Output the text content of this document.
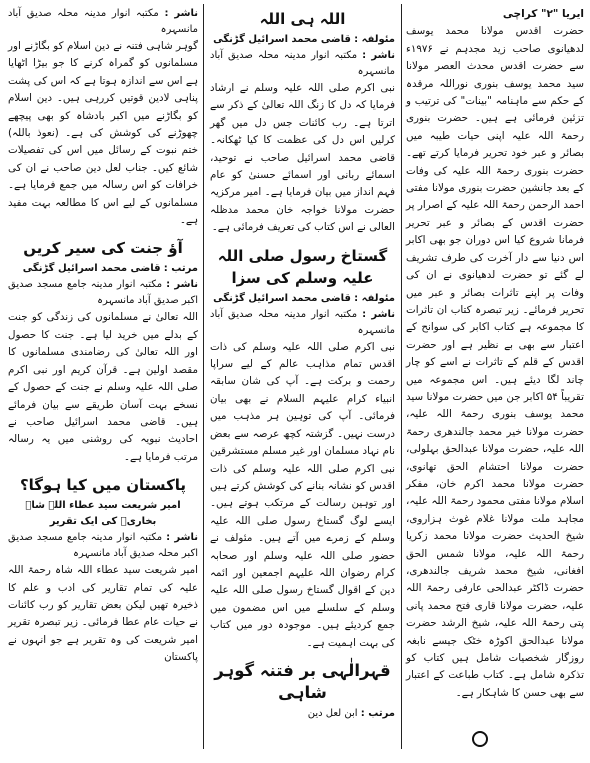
ایریا "۲" کراچی

حضرت اقدس مولانا محمد یوسف لدھیانوی صاحب زید مجدہم نے ۱۹۷۶ء سے حضرت اقدس محدث العصر مولانا سید محمد یوسف بنوری نوراللہ مرقدہ کے حکم سے ماہنامہ "بینات" کی ترتیب و تزئین فرمائی ہے ہیں۔ حضرت بنوری رحمۃ اللہ علیہ اپنی حیات طیبہ میں بصائر و عبر خود تحریر فرمایا کرتے تھے۔ حضرت بنوری رحمۃ اللہ علیہ کی وفات کے بعد جانشین حضرت بنوری مولانا مفتی احمد الرحمن رحمۃ اللہ علیہ کے اصرار پر حضرت اقدس کے بصائر و عبر تحریر فرمانا شروع کیا اس دوران جو بھی اکابر اس دنیا سے دار آخرت کی طرف تشریف لے گئے تو حضرت لدھیانوی نے ان کی وفات پر اپنے تاثرات بصائر و عبر میں تحریر فرمائے۔ زیر تبصرہ کتاب ان تاثرات کا مجموعہ ہے کتاب اکابر کی سوانح کے اعتبار سے بھی بے نظیر ہے اور حضرت اقدس کے قلم کے تاثرات نے اسے کو چار چاند لگا دیئے ہیں۔ اس مجموعہ میں تقریباً ۵۴ اکابر جن میں حضرت مولانا سید محمد یوسف بنوری رحمۃ اللہ علیہ، حضرت مولانا خیر محمد جالندھری رحمۃ اللہ علیہ، حضرت مولانا عبدالحق بہلولی، حضرت مولانا احتشام الحق تھانوی، حضرت مولانا محمد اکرم خان، مفکر اسلام مولانا مفتی محمود رحمۃ اللہ علیہ، مجاہد ملت مولانا غلام غوث ہزاروی، شیخ الحدیث حضرت مولانا محمد زکریا رحمۃ اللہ علیہ، مولانا شمس الحق افغانی، شیخ محمد شریف جالندھری، حضرت ڈاکٹر عبدالحی عارفی رحمۃ اللہ علیہ، حضرت مولانا قاری فتح محمد پانی پتی رحمۃ اللہ علیہ، شیخ الرشد حضرت مولانا عبدالحق اکوڑہ خٹک جیسے نابغہ روزگار شخصیات شامل ہیں کتاب کو تذکرہ شامل ہے۔ کتاب طباعت کے اعتبار سے بھی حسن کا شاہکار ہے۔

اللہ ہی اللہ

مئولفہ : قاضی محمد اسرائیل گڑنگی

ناشر : مکتبہ انوار مدینہ محلہ صدیق آباد مانسہرہ

نبی اکرم صلی اللہ علیہ وسلم نے ارشاد فرمایا کہ دل کا زنگ اللہ تعالیٰ کے ذکر سے اترتا ہے۔ رب کائنات جس دل میں گھر کرلیں اس دل کی عظمت کا کیا ٹھکانہ۔ قاضی محمد اسرائیل صاحب نے توحید، اسمائے ربانی اور اسمائے حسنیٰ کو عام فہم انداز میں بیان فرمایا ہے۔ امیر مرکزیہ حضرت مولانا خواجہ خان محمد مدظلہ العالی نے اس کتاب کی تعریف فرمائی ہے۔

گستاخ رسول صلی اللہ علیہ وسلم کی سزا

مئولفہ : قاضی محمد اسرائیل گڑنگی

ناشر : مکتبہ انوار مدینہ محلہ صدیق آباد مانسہرہ

نبی اکرم صلی اللہ علیہ وسلم کی ذات اقدس تمام مذاہب عالم کے لیے سراپا رحمت و برکت ہے۔ آپ کی شان سابقہ انبیاء کرام علیہم السلام نے بھی بیان فرمائی۔ آپ کی توہین ہر مذہب میں درست نہیں۔ گزشتہ کچھ عرصہ سے بعض نام نہاد مسلمان اور غیر مسلم مستشرقین نبی اکرم صلی اللہ علیہ وسلم کی ذات اقدس کو نشانہ بنانے کی کوشش کرتے ہیں اور توہین رسالت کے مرتکب ہوتے ہیں۔ ایسے لوگ گستاخ رسول صلی اللہ علیہ وسلم کے زمرے میں آتے ہیں۔ مئولف نے حضور صلی اللہ علیہ وسلم اور صحابہ کرام رضوان اللہ علیہم اجمعین اور ائمہ دین کے اقوال گستاخ رسول صلی اللہ علیہ وسلم کے سلسلے میں اس مضمون میں جمع کردیئے ہیں۔ موجودہ دور میں کتاب کی بہت اہمیت ہے۔

قہرالٰہی بر فتنہ گوہر شاہی

مرتب : ابن لعل دین

ناشر : مکتبہ انوار مدینہ محلہ صدیق آباد مانسہرہ

گوہر شاہی فتنہ نے دین اسلام کو بگاڑنے اور مسلمانوں کو گمراہ کرنے کا جو بیڑا اٹھایا ہے اس سے اندازہ ہوتا ہے کہ اس کی پشت پناہی لادین قوتیں کررہی ہیں۔ دین اسلام کو بگاڑنے میں اکبر بادشاہ کو بھی پیچھے چھوڑنے کی کوشش کی ہے۔ (نعوذ باللہ) ختم نبوت کے رسائل میں اس کی تفصیلات شائع کیں۔ جناب لعل دین صاحب نے ان کی خرافات کو اس رسالہ میں جمع فرمایا ہے۔ مسلمانوں کے لیے اس کا مطالعہ بہت مفید ہے۔

آؤ جنت کی سیر کریں

مرتب : قاضی محمد اسرائیل گڑنگی

ناشر : مکتبہ انوار مدینہ جامع مسجد صدیق اکبر صدیق آباد مانسہرہ

اللہ تعالیٰ نے مسلمانوں کی زندگی کو جنت کے بدلے میں خرید لیا ہے۔ جنت کا حصول اور اللہ تعالیٰ کی رضامندی مسلمانوں کا مقصد اولین ہے۔ قرآن کریم اور نبی اکرم صلی اللہ علیہ وسلم نے جنت کے حصول کے نسخے بہت آسان طریقے سے بیان فرمائے ہیں۔ قاضی محمد اسرائیل صاحب نے احادیث نبویہ کی روشنی میں یہ رسالہ مرتب فرمایا ہے۔

پاکستان میں کیا ہوگا؟

امیر شریعت سید عطاء اللہ شاہ بخاریؒ کی ایک تقریر

ناشر : مکتبہ انوار مدینہ جامع مسجد صدیق اکبر محلہ صدیق آباد مانسہرہ

امیر شریعت سید عطاء اللہ شاہ رحمۃ اللہ علیہ کی تمام تقاریر کی ادب و علم کا ذخیرہ تھیں لیکن بعض تقاریر کو رب کائنات نے حیات عام عطا فرمائی۔ زیر تبصرہ تقریر امیر شریعت کی وہ تقریر ہے جو انہوں نے پاکستان
